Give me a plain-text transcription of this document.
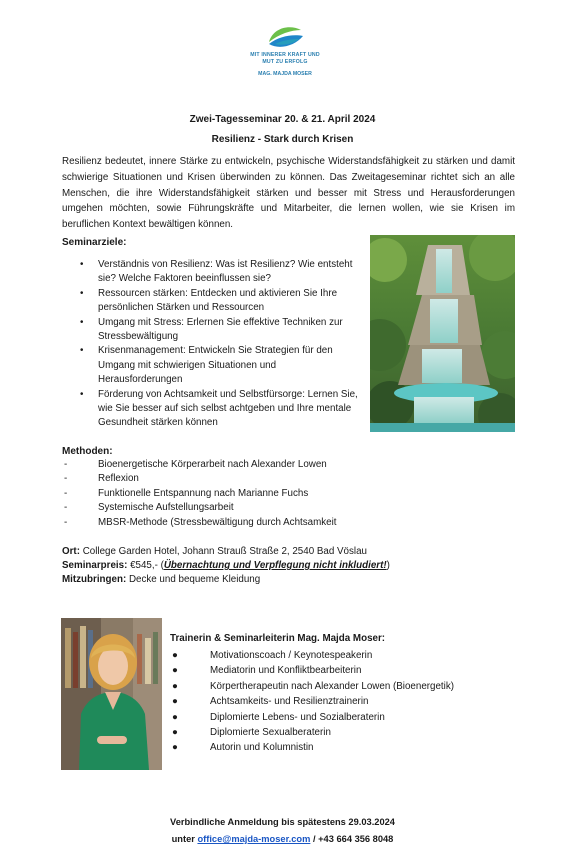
MIT INNERER KRAFT UND
MUT ZU ERFOLG
MAG. MAJDA MOSER
Zwei-Tagesseminar 20. & 21. April 2024
Resilienz - Stark durch Krisen
Resilienz bedeutet, innere Stärke zu entwickeln, psychische Widerstandsfähigkeit zu stärken und damit schwierige Situationen und Krisen überwinden zu können. Das Zweitageseminar richtet sich an alle Menschen, die ihre Widerstandsfähigkeit stärken und besser mit Stress und Herausforderungen umgehen möchten, sowie Führungskräfte und Mitarbeiter, die lernen wollen, wie sie Krisen im beruflichen Kontext bewältigen können.
Seminarziele:
• Verständnis von Resilienz: Was ist Resilienz? Wie entsteht sie? Welche Faktoren beeinflussen sie?
• Ressourcen stärken: Entdecken und aktivieren Sie Ihre persönlichen Stärken und Ressourcen
• Umgang mit Stress: Erlernen Sie effektive Techniken zur Stressbewältigung
• Krisenmanagement: Entwickeln Sie Strategien für den Umgang mit schwierigen Situationen und Herausforderungen
• Förderung von Achtsamkeit und Selbstfürsorge: Lernen Sie, wie Sie besser auf sich selbst achtgeben und Ihre mentale Gesundheit stärken können
Methoden:
-	Bioenergetische Körperarbeit nach Alexander Lowen
-	Reflexion
-	Funktionelle Entspannung nach Marianne Fuchs
-	Systemische Aufstellungsarbeit
-	MBSR-Methode (Stressbewältigung durch Achtsamkeit
Ort: College Garden Hotel, Johann Strauß Straße 2, 2540 Bad Vöslau
Seminarpreis: €545,- (Übernachtung und Verpflegung nicht inkludiert!)
Mitzubringen: Decke und bequeme Kleidung
Trainerin & Seminarleiterin Mag. Majda Moser:
●	Motivationscoach / Keynotespeakerin
●	Mediatorin und Konfliktbearbeiterin
●	Körpertherapeutin nach Alexander Lowen (Bioenergetik)
●	Achtsamkeits- und Resilienztrainerin
●	Diplomierte Lebens- und Sozialberaterin
●	Diplomierte Sexualberaterin
●	Autorin und Kolumnistin
Verbindliche Anmeldung bis spätestens 29.03.2024
unter office@majda-moser.com / +43 664 356 8048
